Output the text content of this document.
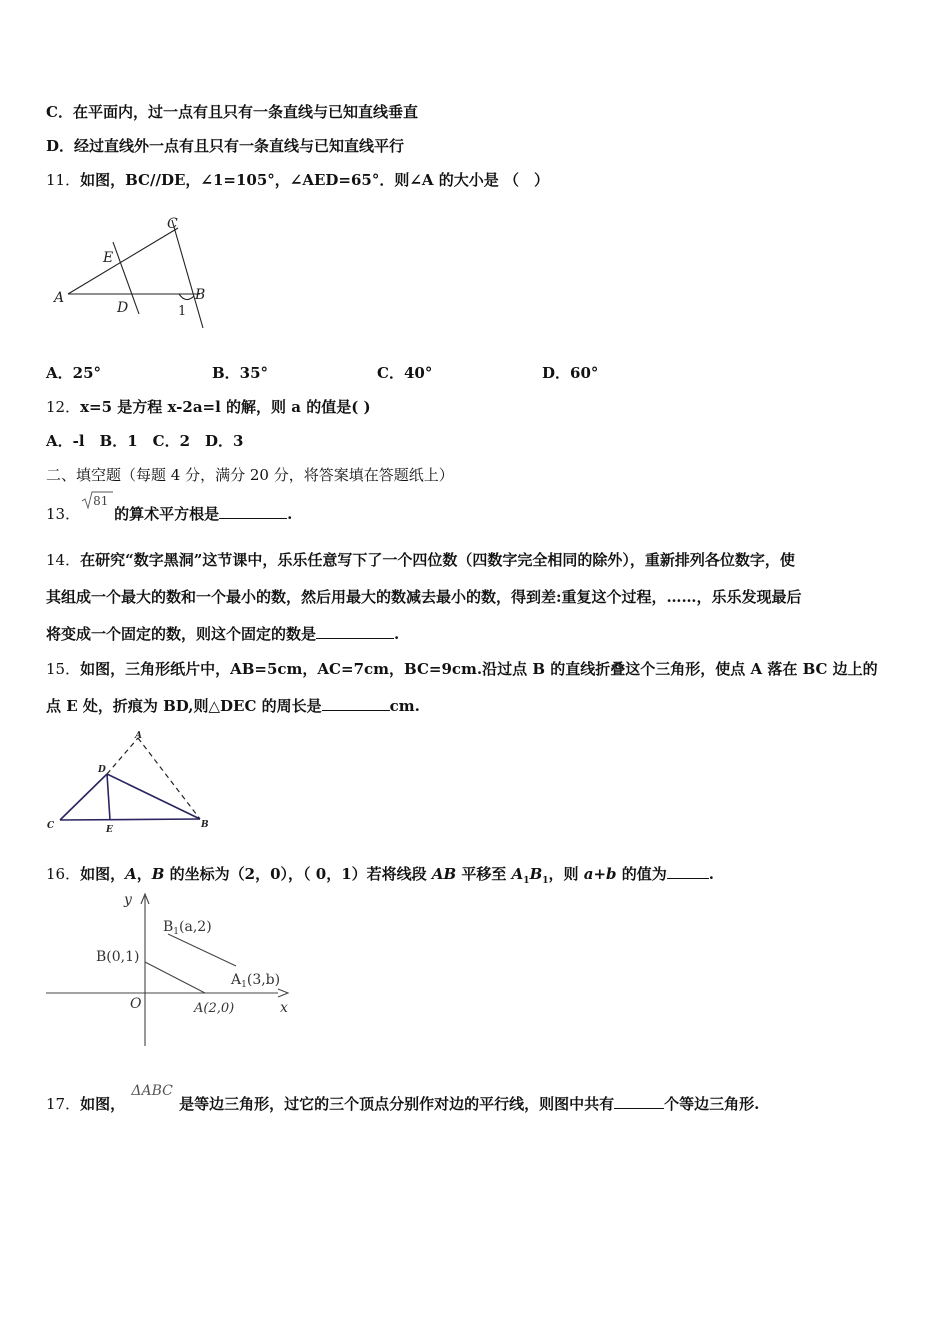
C．在平面内，过一点有且只有一条直线与已知直线垂直
D．经过直线外一点有且只有一条直线与已知直线平行
11．如图，BC//DE，∠1=105°，∠AED=65°．则∠A 的大小是 （　）
A	B
C
D
E
1
A．25°	B．35°	C．40°	D．60°
12．x=5 是方程 x-2a=l 的解，则 a 的值是( )
A．-l　B．1　C．2　D．3
二、填空题（每题 4 分，满分 20 分，将答案填在答题纸上）
13．
81
的算术平方根是	.
14．在研究“数字黑洞”这节课中，乐乐任意写下了一个四位数（四数字完全相同的除外），重新排列各位数字，使
其组成一个最大的数和一个最小的数，然后用最大的数减去最小的数，得到差:重复这个过程，……，乐乐发现最后
将变成一个固定的数，则这个固定的数是	.
15．如图，三角形纸片中，AB=5cm，AC=7cm，BC=9cm.沿过点 B 的直线折叠这个三角形，使点 A 落在 BC 边上的
点 E 处，折痕为 BD,则△DEC 的周长是	cm.
A
B
C
D
E
16．如图，A，B 的坐标为（2，0），（ 0，1）若将线段 AB 平移至 $A_1B_1$，则 a+b 的值为	.
y
x
O	A(2,0)
B(0,1)
$B_1(a,2)$
$A_1(3,b)$
17．如图，ΔABC是等边三角形，过它的三个顶点分别作对边的平行线，则图中共有	个等边三角形.
